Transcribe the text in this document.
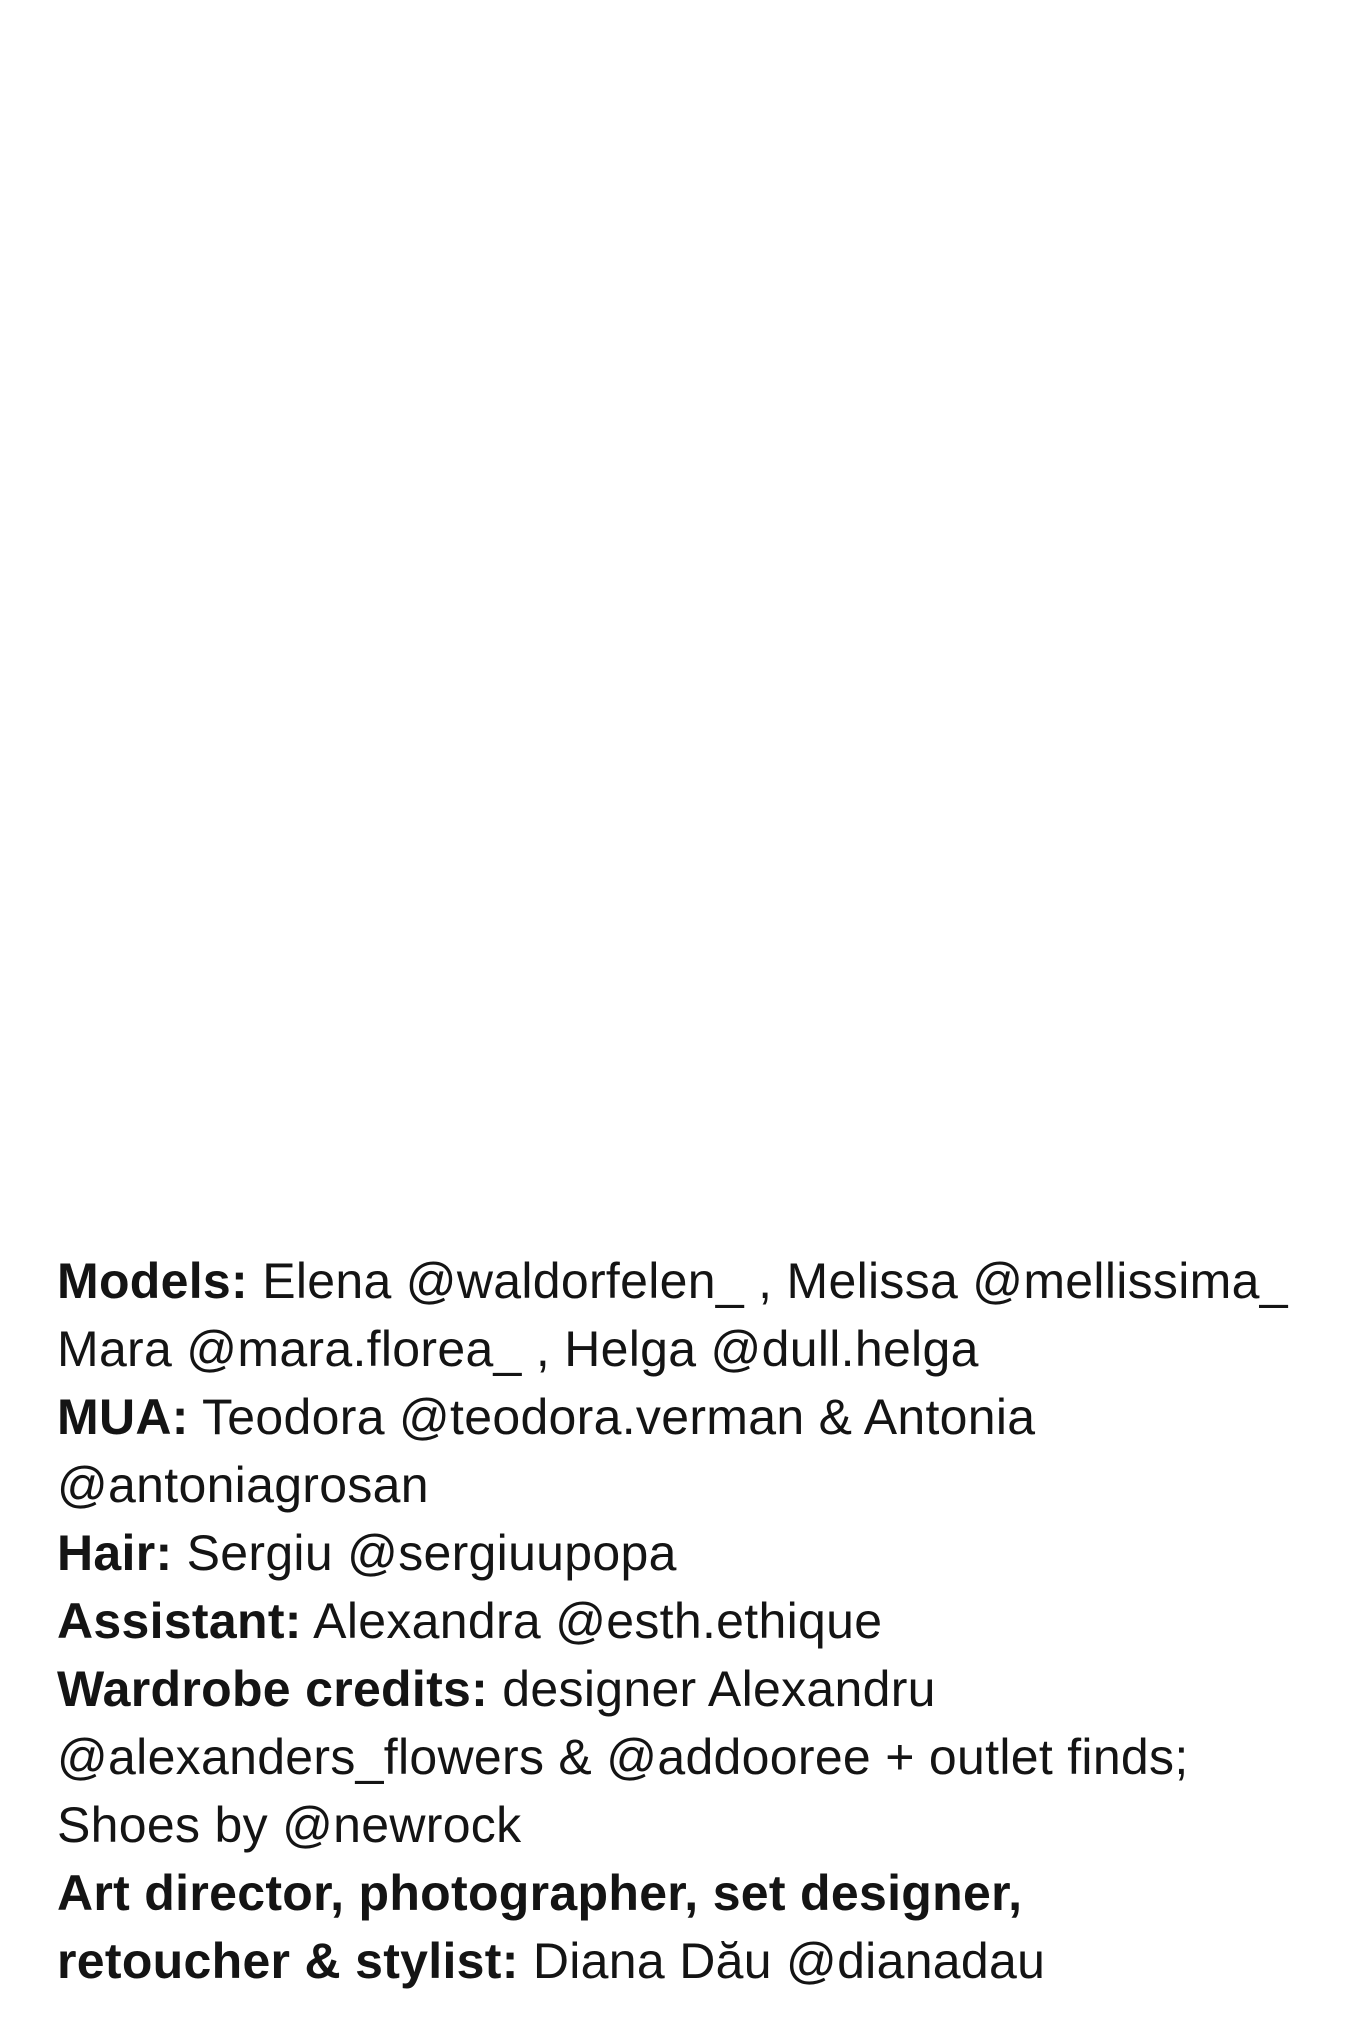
Models: Elena @waldorfelen_ , Melissa @mellissima_
Mara @mara.florea_ , Helga @dull.helga
MUA: Teodora @teodora.verman & Antonia
@antoniagrosan
Hair: Sergiu @sergiuupopa
Assistant: Alexandra @esth.ethique
Wardrobe credits: designer Alexandru
@alexanders_flowers & @addooree + outlet finds;
Shoes by @newrock
Art director, photographer, set designer,
retoucher & stylist: Diana Dău @dianadau
